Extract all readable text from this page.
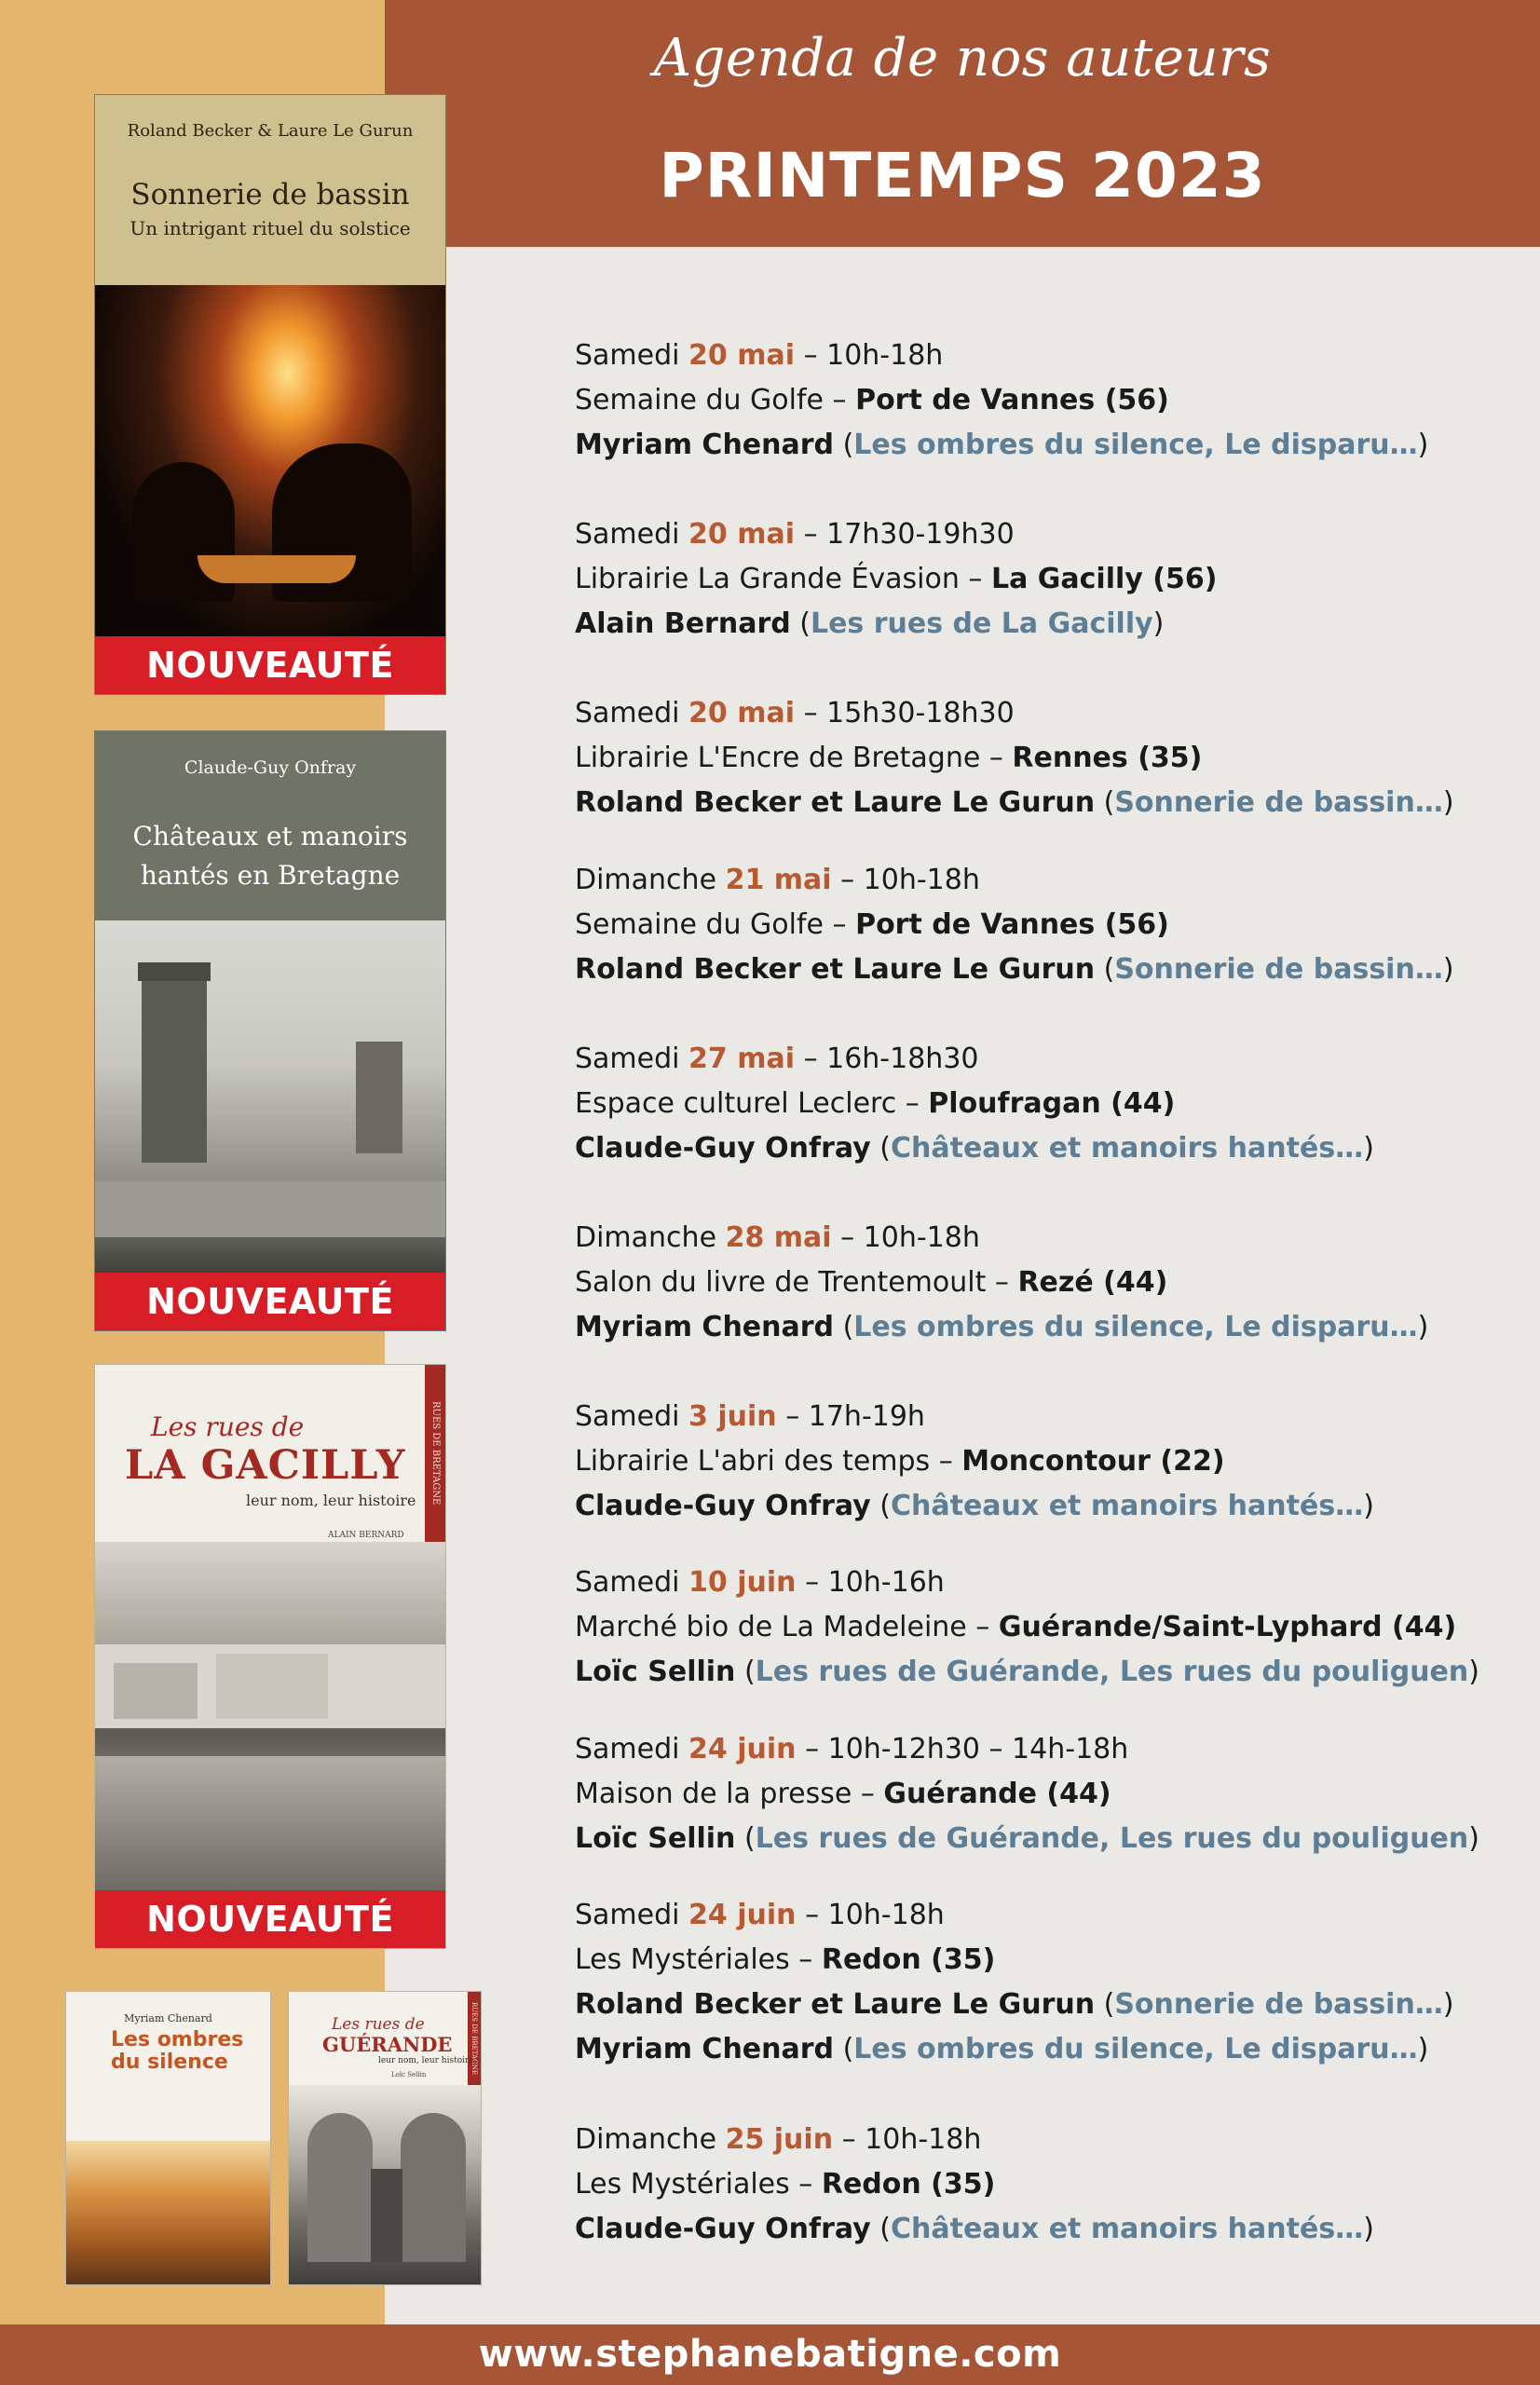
Agenda de nos auteurs
PRINTEMPS 2023
Roland Becker & Laure Le Gurun
Sonnerie de bassin
Un intrigant rituel du solstice
NOUVEAUTÉ
Claude-Guy Onfray
Châteaux et manoirs hantés en Bretagne
NOUVEAUTÉ
RUES DE BRETAGNE
Les rues de
LA GACILLY
leur nom, leur histoire
ALAIN BERNARD
NOUVEAUTÉ
Myriam Chenard
Les ombres du silence	RUES DE BRETAGNE
Les rues de
GUÉRANDE
leur nom, leur histoire
Loïc Sellin
Samedi 20 mai – 10h-18h
Semaine du Golfe – Port de Vannes (56)
Myriam Chenard (Les ombres du silence, Le disparu…)
Samedi 20 mai – 17h30-19h30
Librairie La Grande Évasion – La Gacilly (56)
Alain Bernard (Les rues de La Gacilly)
Samedi 20 mai – 15h30-18h30
Librairie L'Encre de Bretagne – Rennes (35)
Roland Becker et Laure Le Gurun (Sonnerie de bassin…)
Dimanche 21 mai – 10h-18h
Semaine du Golfe – Port de Vannes (56)
Roland Becker et Laure Le Gurun (Sonnerie de bassin…)
Samedi 27 mai – 16h-18h30
Espace culturel Leclerc – Ploufragan (44)
Claude-Guy Onfray (Châteaux et manoirs hantés…)
Dimanche 28 mai – 10h-18h
Salon du livre de Trentemoult – Rezé (44)
Myriam Chenard (Les ombres du silence, Le disparu…)
Samedi 3 juin – 17h-19h
Librairie L'abri des temps – Moncontour (22)
Claude-Guy Onfray (Châteaux et manoirs hantés…)
Samedi 10 juin – 10h-16h
Marché bio de La Madeleine – Guérande/Saint-Lyphard (44)
Loïc Sellin (Les rues de Guérande, Les rues du pouliguen)
Samedi 24 juin – 10h-12h30 – 14h-18h
Maison de la presse – Guérande (44)
Loïc Sellin (Les rues de Guérande, Les rues du pouliguen)
Samedi 24 juin – 10h-18h
Les Mystériales – Redon (35)
Roland Becker et Laure Le Gurun (Sonnerie de bassin…)
Myriam Chenard (Les ombres du silence, Le disparu…)
Dimanche 25 juin – 10h-18h
Les Mystériales – Redon (35)
Claude-Guy Onfray (Châteaux et manoirs hantés…)
www.stephanebatigne.com
